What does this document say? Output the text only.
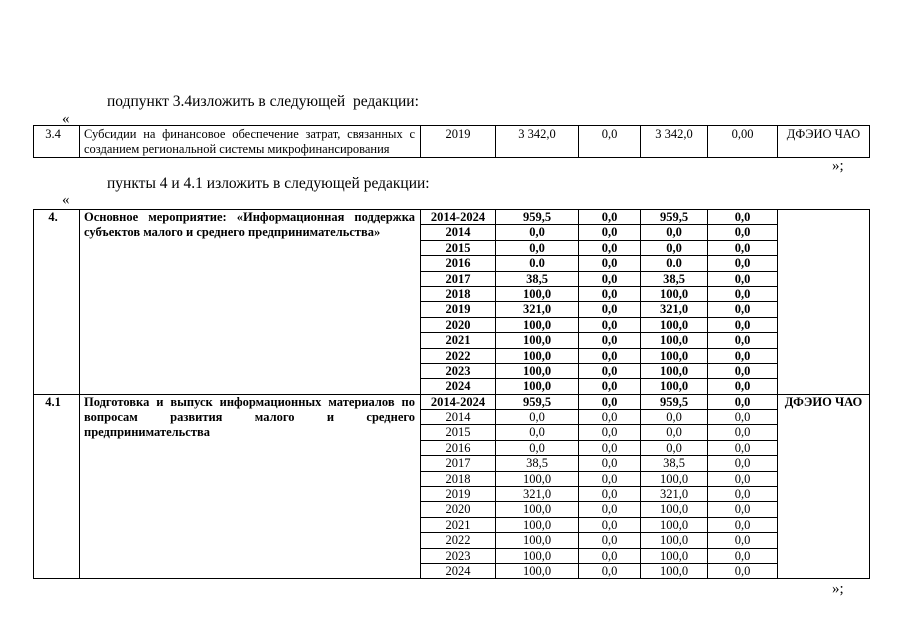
подпункт 3.4изложить в следующей  редакции:
«
3.4	Субсидии на финансовое обеспечение затрат, связанных с созданием региональной системы микрофинансирования	2019	3 342,0	0,0	3 342,0	0,00	ДФЭИО ЧАО
»;
пункты 4 и 4.1 изложить в следующей редакции:
«
4.	Основное мероприятие: «Информационная поддержка субъектов малого и среднего предпринимательства»	2014-2024	959,5	0,0	959,5	0,0	
		2014	0,0	0,0	0,0	0,0	
		2015	0,0	0,0	0,0	0,0	
		2016	0.0	0,0	0.0	0,0	
		2017	38,5	0,0	38,5	0,0	
		2018	100,0	0,0	100,0	0,0	
		2019	321,0	0,0	321,0	0,0	
		2020	100,0	0,0	100,0	0,0	
		2021	100,0	0,0	100,0	0,0	
		2022	100,0	0,0	100,0	0,0	
		2023	100,0	0,0	100,0	0,0	
		2024	100,0	0,0	100,0	0,0	
4.1	Подготовка и выпуск информационных материалов по вопросам развития малого и среднего предпринимательства	2014-2024	959,5	0,0	959,5	0,0	ДФЭИО ЧАО
		2014	0,0	0,0	0,0	0,0	
		2015	0,0	0,0	0,0	0,0	
		2016	0,0	0,0	0,0	0,0	
		2017	38,5	0,0	38,5	0,0	
		2018	100,0	0,0	100,0	0,0	
		2019	321,0	0,0	321,0	0,0	
		2020	100,0	0,0	100,0	0,0	
		2021	100,0	0,0	100,0	0,0	
		2022	100,0	0,0	100,0	0,0	
		2023	100,0	0,0	100,0	0,0	
		2024	100,0	0,0	100,0	0,0	
»;
